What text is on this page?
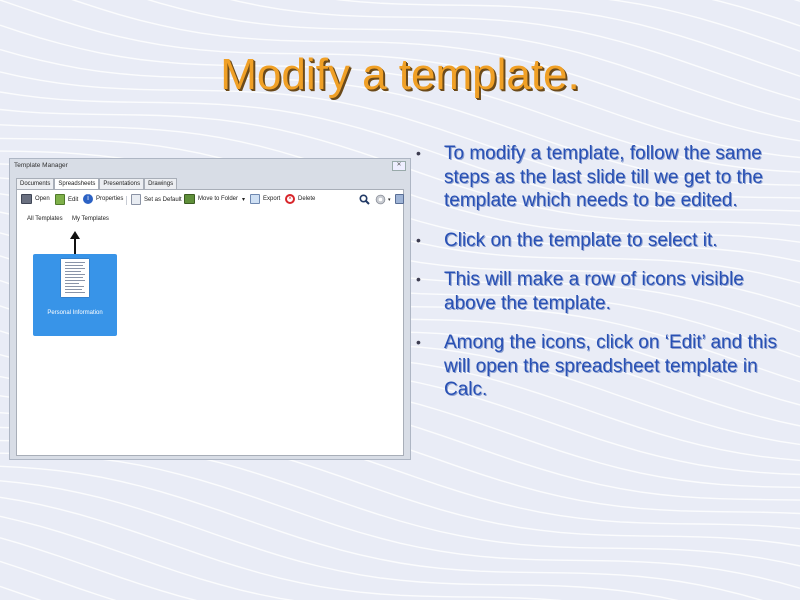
Modify a template.
• To modify a template, follow the same steps as the last slide till we get to the template which needs to be edited.
• Click on the template to select it.
• This will make a row of icons visible above the template.
• Among the icons, click on ‘Edit’ and this will open the spreadsheet template in Calc.
Template Manager	✕
Documents	Spreadsheets	Presentations	Drawings
Open	Edit	i	Properties	Set as Default	Move to Folder ▾	Export	×	Delete	▾
All Templates My Templates
Personal Information
